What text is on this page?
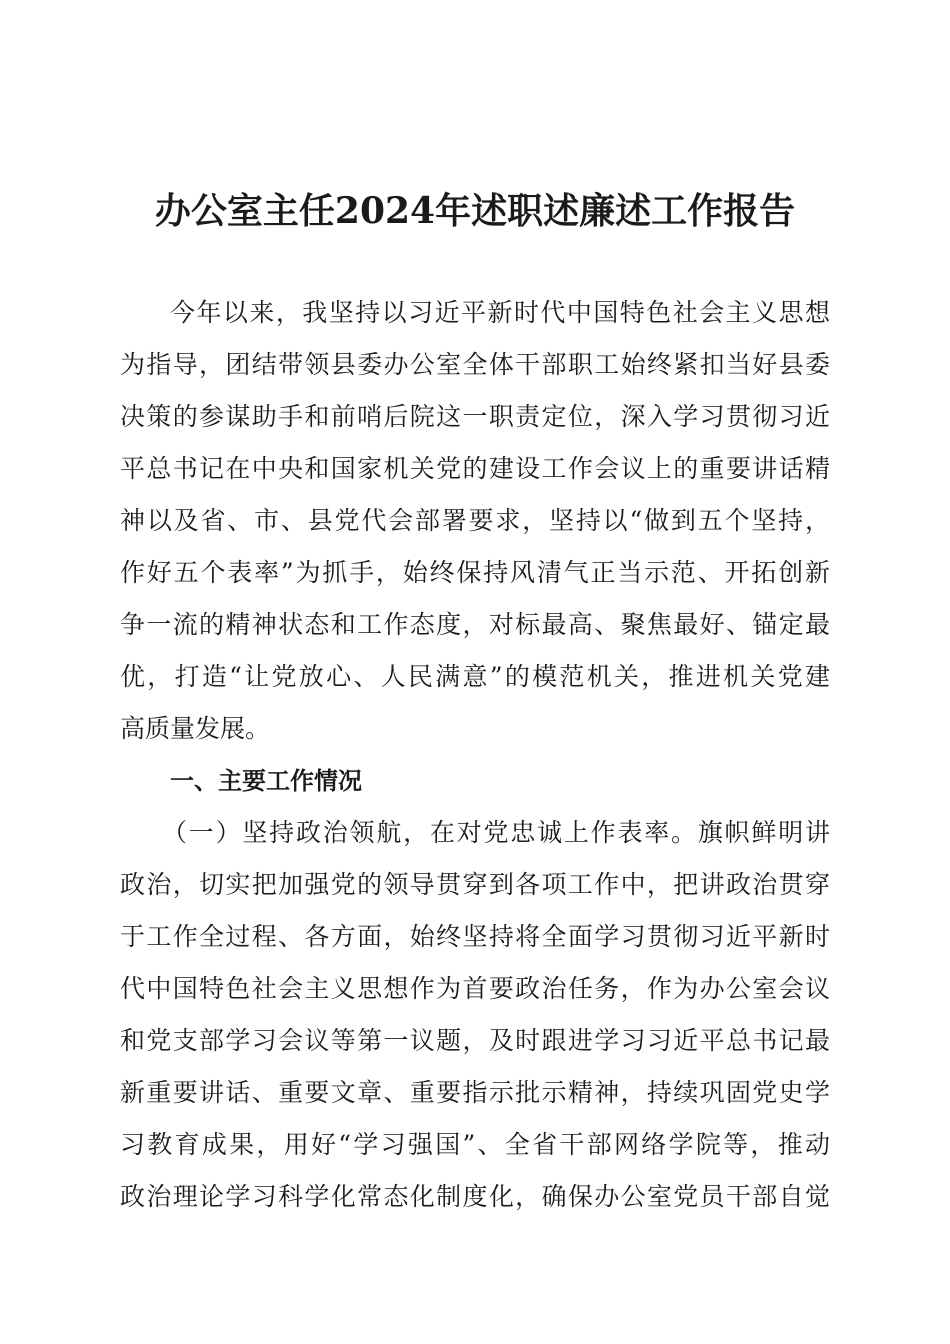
办公室主任2024年述职述廉述工作报告
今年以来，我坚持以习近平新时代中国特色社会主义思想
为指导，团结带领县委办公室全体干部职工始终紧扣当好县委
决策的参谋助手和前哨后院这一职责定位，深入学习贯彻习近
平总书记在中央和国家机关党的建设工作会议上的重要讲话精
神以及省、市、县党代会部署要求，坚持以“做到五个坚持，
作好五个表率”为抓手，始终保持风清气正当示范、开拓创新
争一流的精神状态和工作态度，对标最高、聚焦最好、锚定最
优，打造“让党放心、人民满意”的模范机关，推进机关党建
高质量发展。
一、主要工作情况
（一）坚持政治领航，在对党忠诚上作表率。旗帜鲜明讲
政治，切实把加强党的领导贯穿到各项工作中，把讲政治贯穿
于工作全过程、各方面，始终坚持将全面学习贯彻习近平新时
代中国特色社会主义思想作为首要政治任务，作为办公室会议
和党支部学习会议等第一议题，及时跟进学习习近平总书记最
新重要讲话、重要文章、重要指示批示精神，持续巩固党史学
习教育成果，用好“学习强国”、全省干部网络学院等，推动
政治理论学习科学化常态化制度化，确保办公室党员干部自觉
